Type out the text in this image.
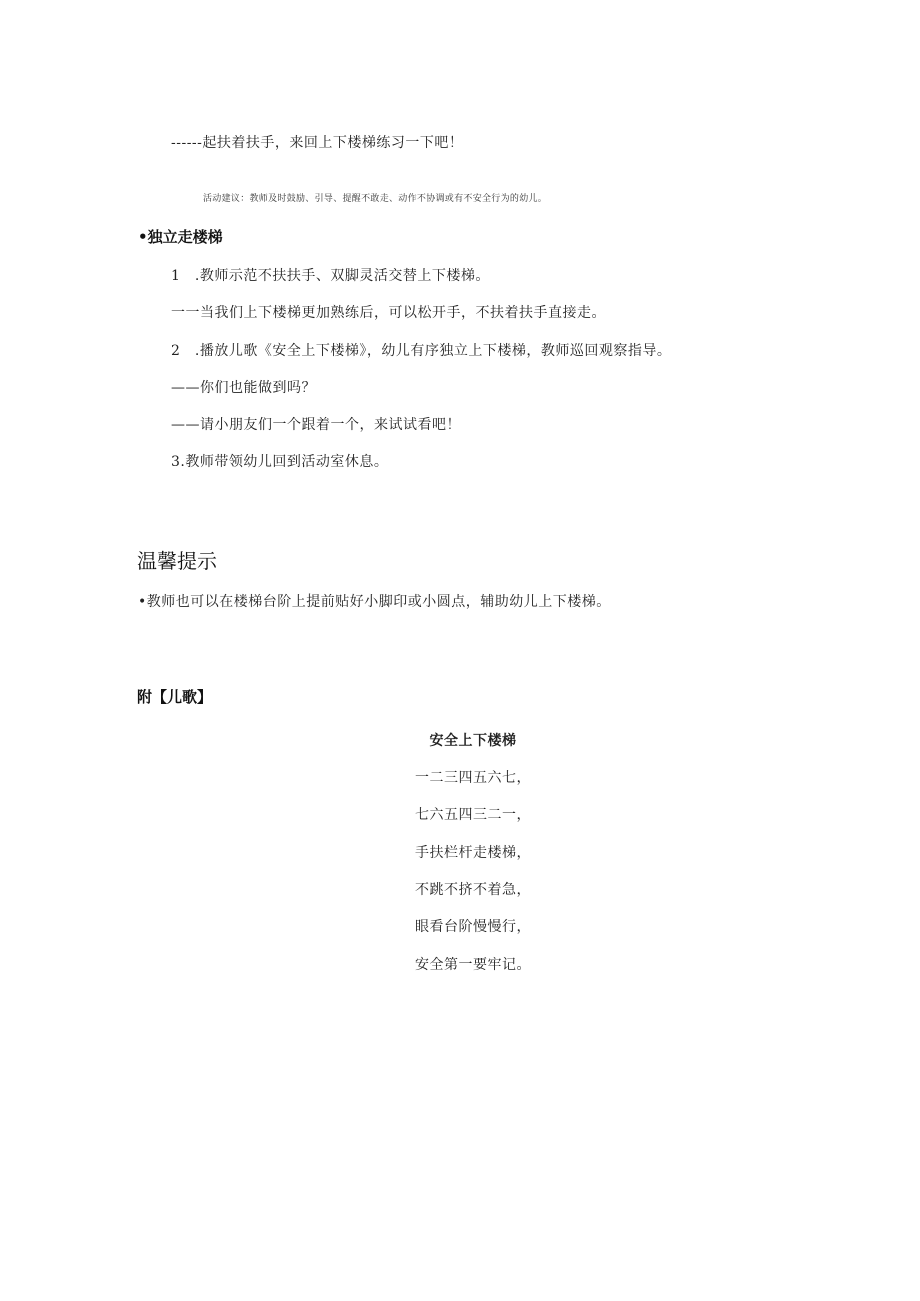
------起扶着扶手，来回上下楼梯练习一下吧！
活动建议：教师及时鼓励、引导、提醒不敢走、动作不协调或有不安全行为的幼儿。
•独立走楼梯
1　.教师示范不扶扶手、双脚灵活交替上下楼梯。
一一当我们上下楼梯更加熟练后，可以松开手，不扶着扶手直接走。
2　.播放儿歌《安全上下楼梯》，幼儿有序独立上下楼梯，教师巡回观察指导。
——你们也能做到吗？
——请小朋友们一个跟着一个，来试试看吧！
3.教师带领幼儿回到活动室休息。
温馨提示
•教师也可以在楼梯台阶上提前贴好小脚印或小圆点，辅助幼儿上下楼梯。
附【儿歌】
安全上下楼梯
一二三四五六七，
七六五四三二一，
手扶栏杆走楼梯，
不跳不挤不着急，
眼看台阶慢慢行，
安全第一要牢记。
